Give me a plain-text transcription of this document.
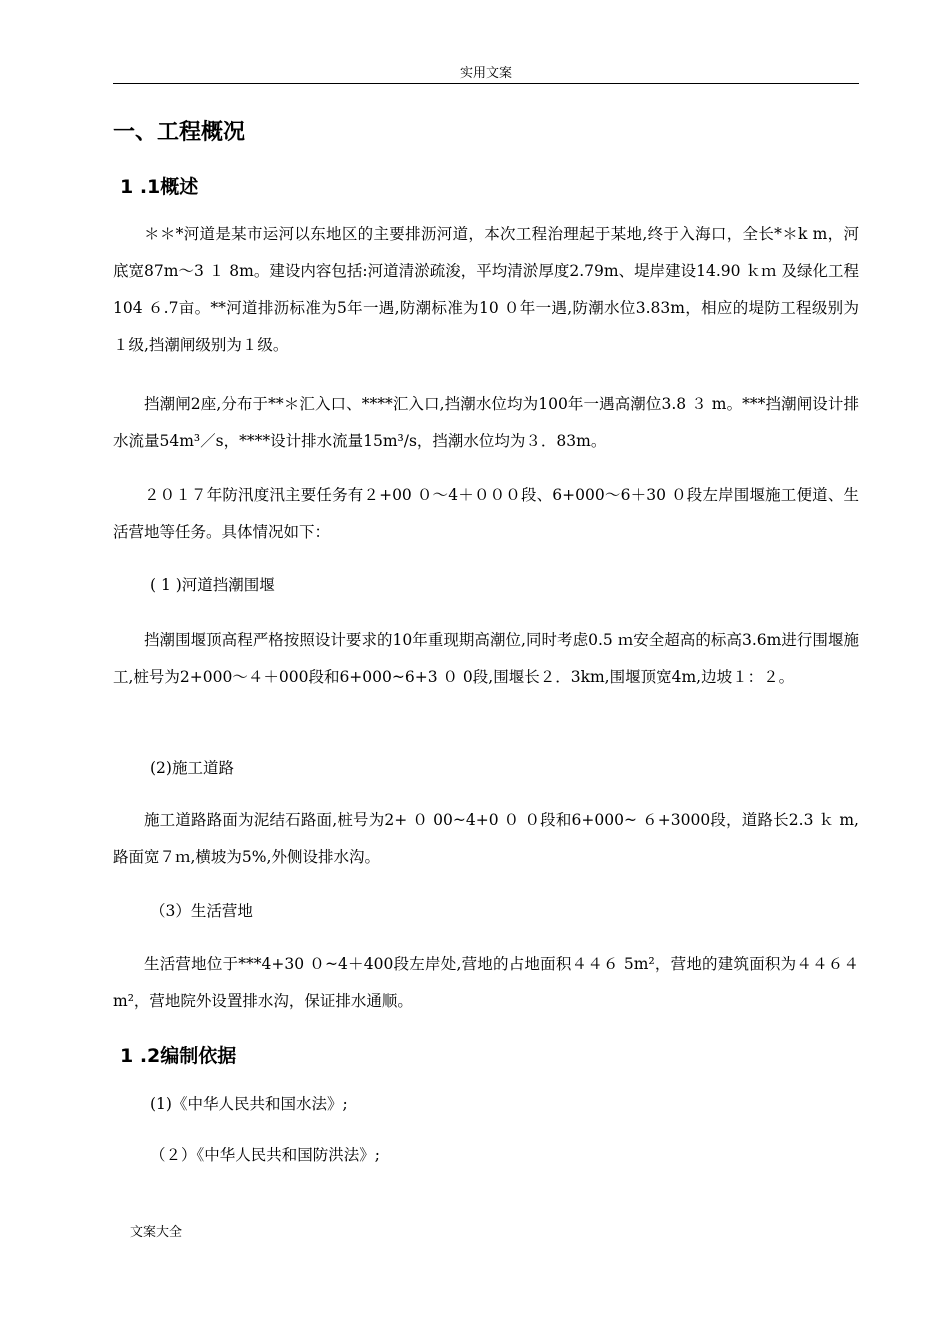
实用文案
一、工程概况
1 .1概述
＊＊*河道是某市运河以东地区的主要排沥河道，本次工程治理起于某地,终于入海口，全长*＊k m，河底宽87m～3 １ 8m。建设内容包括:河道清淤疏浚，平均清淤厚度2.79m、堤岸建设14.90 ｋｍ 及绿化工程104 ６.7亩。**河道排沥标准为5年一遇,防潮标准为10 ０年一遇,防潮水位3.83m，相应的堤防工程级别为１级,挡潮闸级别为１级。
挡潮闸2座,分布于**＊汇入口、****汇入口,挡潮水位均为100年一遇高潮位3.8 ３ m。***挡潮闸设计排水流量54m³／s，****设计排水流量15m³/s，挡潮水位均为３．83m。
２０１７年防汛度汛主要任务有２+00 ０～4＋０００段、6+000～6＋30 ０段左岸围堰施工便道、生活营地等任务。具体情况如下：
( 1 )河道挡潮围堰
挡潮围堰顶高程严格按照设计要求的10年重现期高潮位,同时考虑0.5 ｍ安全超高的标高3.6m进行围堰施工,桩号为2+000～４＋000段和6+000~6+3 ０ 0段,围堰长２．3km,围堰顶宽4m,边坡１：２。
(2)施工道路
施工道路路面为泥结石路面,桩号为2+ ０ 00~4+0 ０ ０段和6+000~ ６+3000段，道路长2.3 ｋ m,路面宽７ｍ,横坡为5%,外侧设排水沟。
（3）生活营地
生活营地位于***4+30 ０~4＋400段左岸处,营地的占地面积４４６ 5m²，营地的建筑面积为４４６４ m²，营地院外设置排水沟，保证排水通顺。
1 .2编制依据
(1)《中华人民共和国水法》;
（２）《中华人民共和国防洪法》;
文案大全
